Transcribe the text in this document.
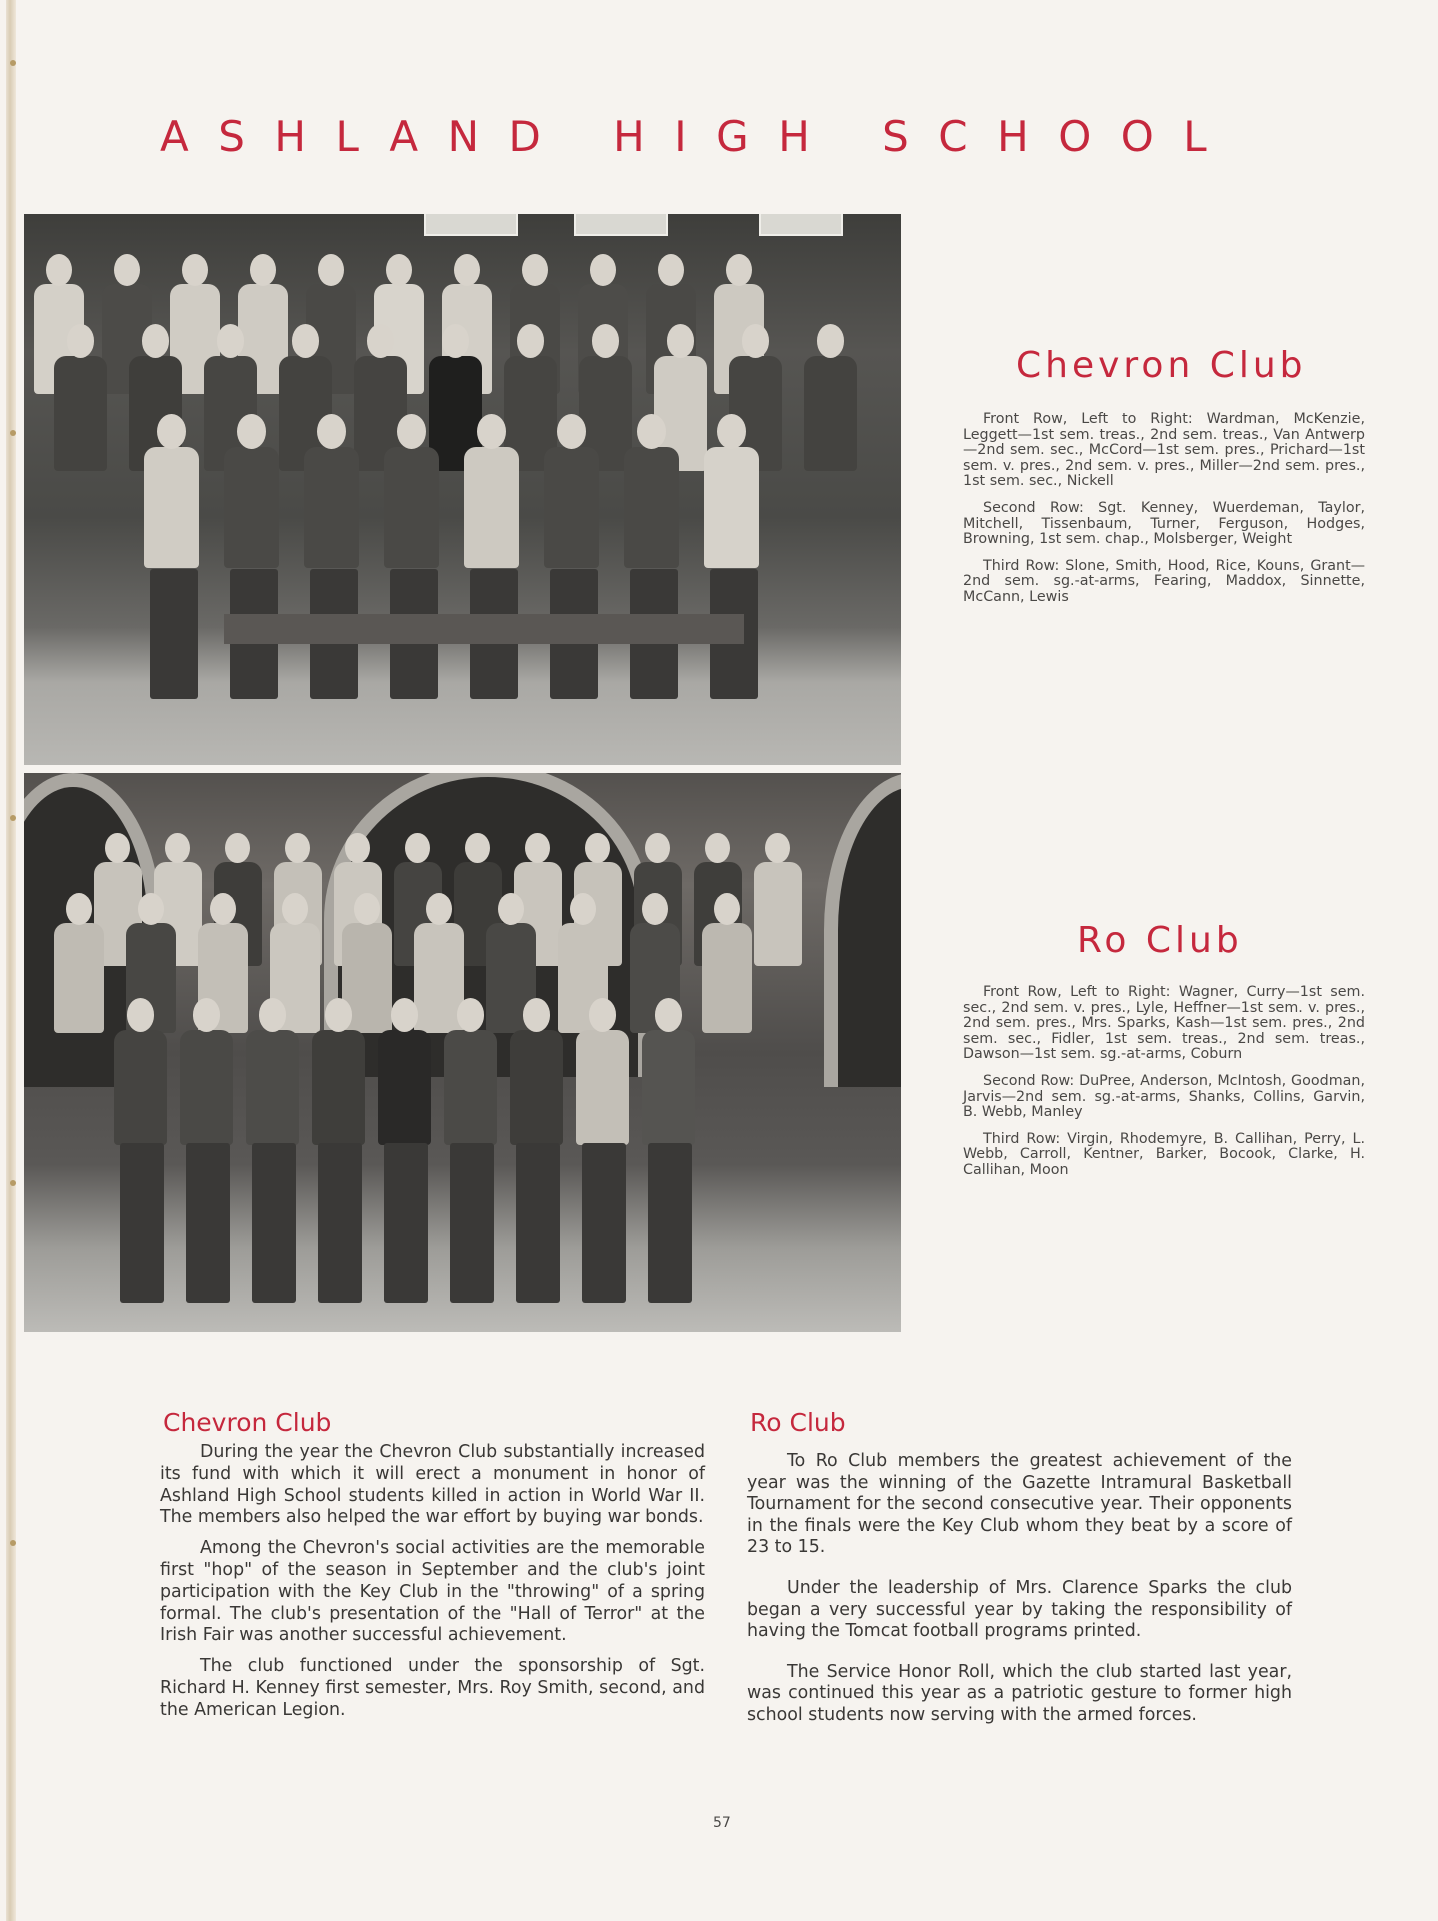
ASHLAND HIGH SCHOOL
Chevron Club

Front Row, Left to Right: Wardman, McKenzie, Leggett—1st sem. treas., 2nd sem. treas., Van Antwerp—2nd sem. sec., McCord—1st sem. pres., Prichard—1st sem. v. pres., 2nd sem. v. pres., Miller—2nd sem. pres., 1st sem. sec., Nickell

Second Row: Sgt. Kenney, Wuerdeman, Taylor, Mitchell, Tissenbaum, Turner, Ferguson, Hodges, Browning, 1st sem. chap., Molsberger, Weight

Third Row: Slone, Smith, Hood, Rice, Kouns, Grant—2nd sem. sg.-at-arms, Fearing, Maddox, Sinnette, McCann, Lewis

Ro Club

Front Row, Left to Right: Wagner, Curry—1st sem. sec., 2nd sem. v. pres., Lyle, Heffner—1st sem. v. pres., 2nd sem. pres., Mrs. Sparks, Kash—1st sem. pres., 2nd sem. sec., Fidler, 1st sem. treas., 2nd sem. treas., Dawson—1st sem. sg.-at-arms, Coburn

Second Row: DuPree, Anderson, McIntosh, Goodman, Jarvis—2nd sem. sg.-at-arms, Shanks, Collins, Garvin, B. Webb, Manley

Third Row: Virgin, Rhodemyre, B. Callihan, Perry, L. Webb, Carroll, Kentner, Barker, Bocook, Clarke, H. Callihan, Moon

Chevron Club

During the year the Chevron Club substantially increased its fund with which it will erect a monument in honor of Ashland High School students killed in action in World War II. The members also helped the war effort by buying war bonds.

Among the Chevron's social activities are the memorable first "hop" of the season in September and the club's joint participation with the Key Club in the "throwing" of a spring formal. The club's presentation of the "Hall of Terror" at the Irish Fair was another successful achievement.

The club functioned under the sponsorship of Sgt. Richard H. Kenney first semester, Mrs. Roy Smith, second, and the American Legion.

Ro Club

To Ro Club members the greatest achievement of the year was the winning of the Gazette Intramural Basketball Tournament for the second consecutive year. Their opponents in the finals were the Key Club whom they beat by a score of 23 to 15.

Under the leadership of Mrs. Clarence Sparks the club began a very successful year by taking the responsibility of having the Tomcat football programs printed.

The Service Honor Roll, which the club started last year, was continued this year as a patriotic gesture to former high school students now serving with the armed forces.

57
